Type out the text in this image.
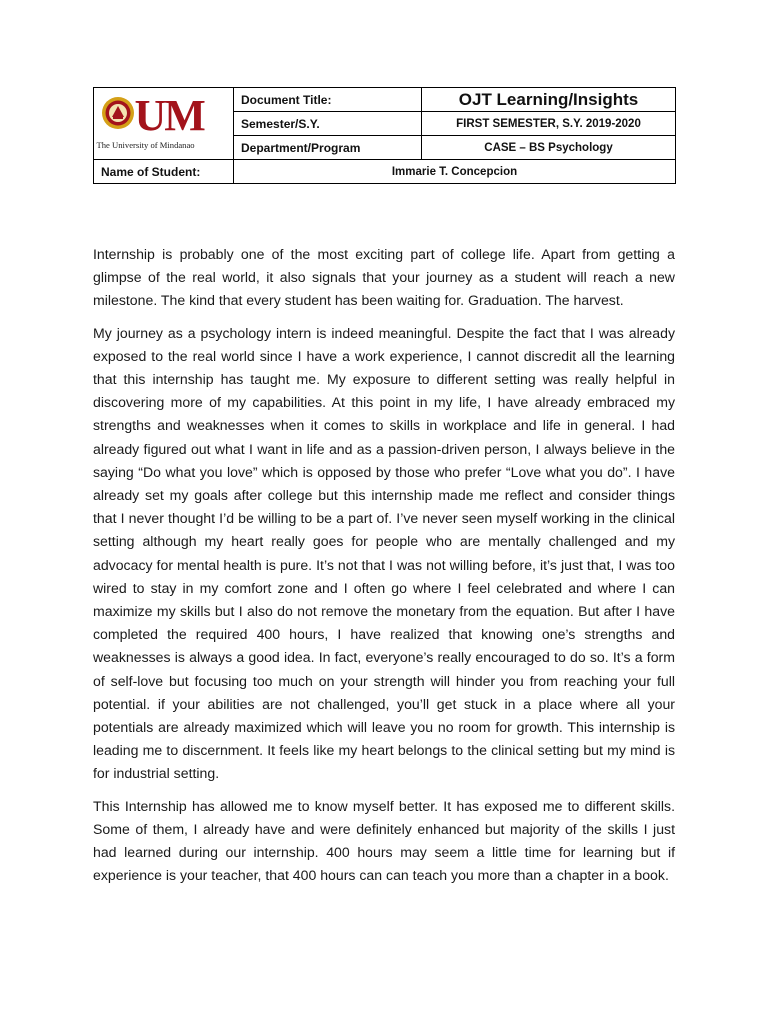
UM
The University of Mindanao	Document Title:	OJT Learning/Insights
	Semester/S.Y.	FIRST SEMESTER, S.Y. 2019-2020
	Department/Program	CASE – BS Psychology
Name of Student:	Immarie T. Concepcion	

Internship is probably one of the most exciting part of college life. Apart from getting a glimpse of the real world, it also signals that your journey as a student will reach a new milestone. The kind that every student has been waiting for. Graduation. The harvest.

My journey as a psychology intern is indeed meaningful. Despite the fact that I was already exposed to the real world since I have a work experience, I cannot discredit all the learning that this internship has taught me. My exposure to different setting was really helpful in discovering more of my capabilities. At this point in my life, I have already embraced my strengths and weaknesses when it comes to skills in workplace and life in general. I had already figured out what I want in life and as a passion-driven person, I always believe in the saying “Do what you love” which is opposed by those who prefer “Love what you do”. I have already set my goals after college but this internship made me reflect and consider things that I never thought I’d be willing to be a part of. I’ve never seen myself working in the clinical setting although my heart really goes for people who are mentally challenged and my advocacy for mental health is pure. It’s not that I was not willing before, it’s just that, I was too wired to stay in my comfort zone and I often go where I feel celebrated and where I can maximize my skills but I also do not remove the monetary from the equation. But after I have completed the required 400 hours, I have realized that knowing one’s strengths and weaknesses is always a good idea. In fact, everyone’s really encouraged to do so. It’s a form of self-love but focusing too much on your strength will hinder you from reaching your full potential. if your abilities are not challenged, you’ll get stuck in a place where all your potentials are already maximized which will leave you no room for growth. This internship is leading me to discernment. It feels like my heart belongs to the clinical setting but my mind is for industrial setting.

This Internship has allowed me to know myself better. It has exposed me to different skills. Some of them, I already have and were definitely enhanced but majority of the skills I just had learned during our internship. 400 hours may seem a little time for learning but if experience is your teacher, that 400 hours can can teach you more than a chapter in a book.
